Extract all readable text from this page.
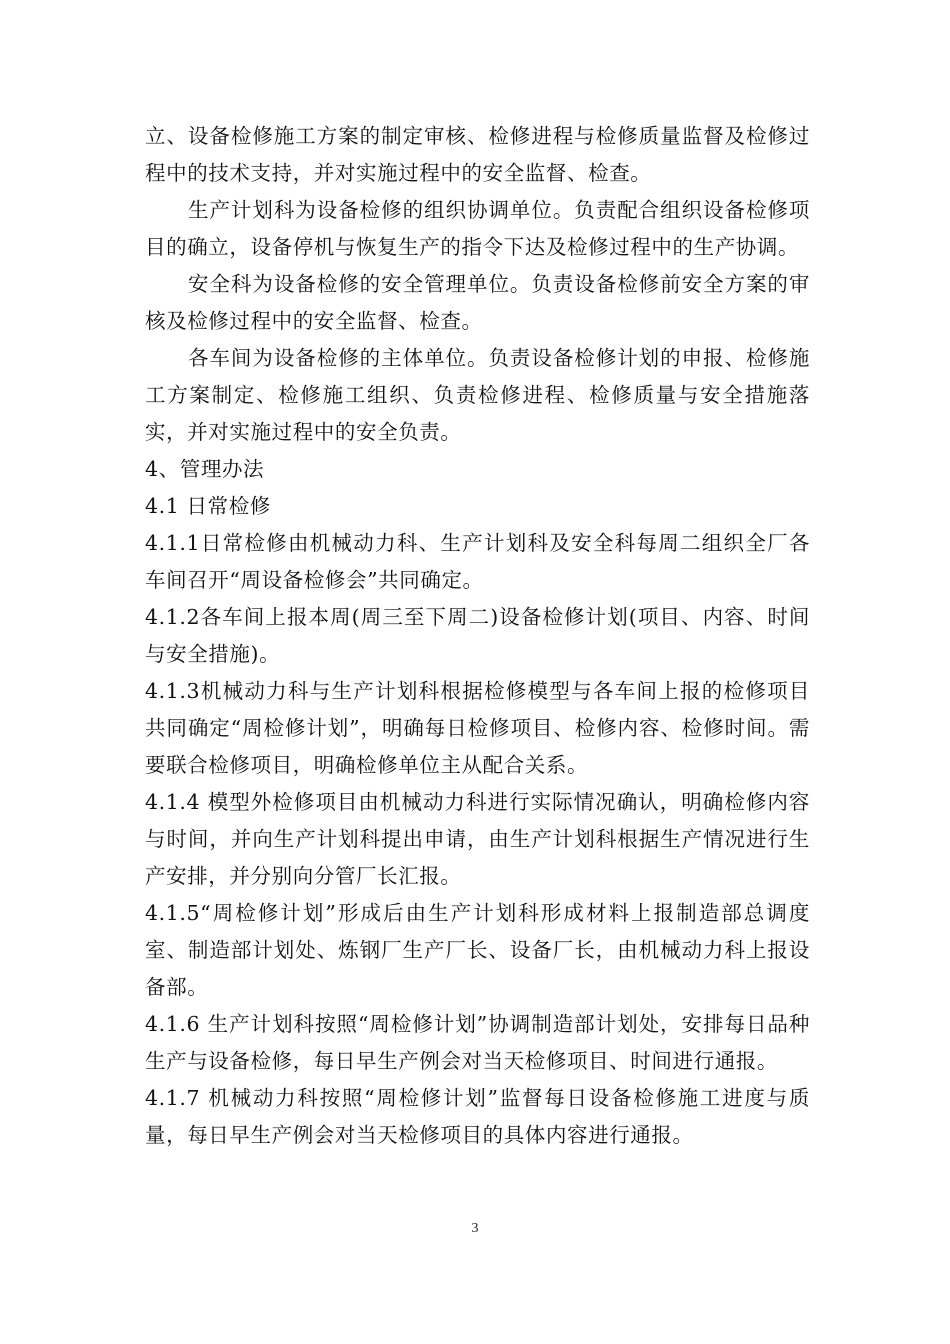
立、设备检修施工方案的制定审核、检修进程与检修质量监督及检修过程中的技术支持，并对实施过程中的安全监督、检查。

生产计划科为设备检修的组织协调单位。负责配合组织设备检修项目的确立，设备停机与恢复生产的指令下达及检修过程中的生产协调。

安全科为设备检修的安全管理单位。负责设备检修前安全方案的审核及检修过程中的安全监督、检查。

各车间为设备检修的主体单位。负责设备检修计划的申报、检修施工方案制定、检修施工组织、负责检修进程、检修质量与安全措施落实，并对实施过程中的安全负责。

4、管理办法

4.1 日常检修

4.1.1日常检修由机械动力科、生产计划科及安全科每周二组织全厂各车间召开“周设备检修会”共同确定。

4.1.2各车间上报本周(周三至下周二)设备检修计划(项目、内容、时间与安全措施)。

4.1.3机械动力科与生产计划科根据检修模型与各车间上报的检修项目共同确定“周检修计划”，明确每日检修项目、检修内容、检修时间。需要联合检修项目，明确检修单位主从配合关系。

4.1.4 模型外检修项目由机械动力科进行实际情况确认，明确检修内容与时间，并向生产计划科提出申请，由生产计划科根据生产情况进行生产安排，并分别向分管厂长汇报。

4.1.5“周检修计划”形成后由生产计划科形成材料上报制造部总调度室、制造部计划处、炼钢厂生产厂长、设备厂长，由机械动力科上报设备部。

4.1.6 生产计划科按照“周检修计划”协调制造部计划处，安排每日品种生产与设备检修，每日早生产例会对当天检修项目、时间进行通报。

4.1.7 机械动力科按照“周检修计划”监督每日设备检修施工进度与质量，每日早生产例会对当天检修项目的具体内容进行通报。

3
